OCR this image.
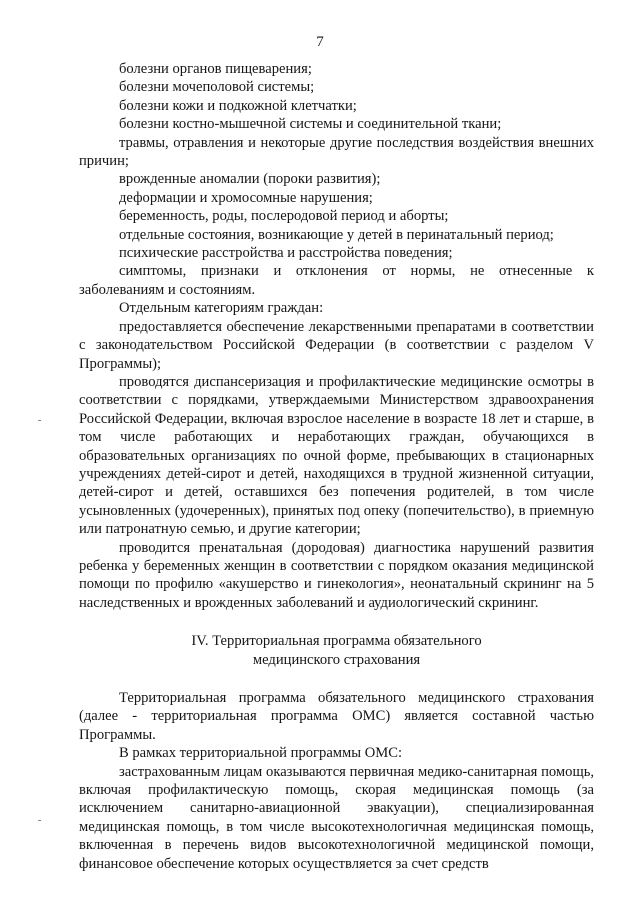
7

болезни органов пищеварения;

болезни мочеполовой системы;

болезни кожи и подкожной клетчатки;

болезни костно-мышечной системы и соединительной ткани;

травмы, отравления и некоторые другие последствия воздействия внешних причин;

врожденные аномалии (пороки развития);

деформации и хромосомные нарушения;

беременность, роды, послеродовой период и аборты;

отдельные состояния, возникающие у детей в перинатальный период;

психические расстройства и расстройства поведения;

симптомы, признаки и отклонения от нормы, не отнесенные к заболеваниям и состояниям.

Отдельным категориям граждан:

предоставляется обеспечение лекарственными препаратами в соответствии с законодательством Российской Федерации (в соответствии с разделом V Программы);

проводятся диспансеризация и профилактические медицинские осмотры в соответствии с порядками, утверждаемыми Министерством здравоохранения Российской Федерации, включая взрослое население в возрасте 18 лет и старше, в том числе работающих и неработающих граждан, обучающихся в образовательных организациях по очной форме, пребывающих в стационарных учреждениях детей-сирот и детей, находящихся в трудной жизненной ситуации, детей-сирот и детей, оставшихся без попечения родителей, в том числе усыновленных (удочеренных), принятых под опеку (попечительство), в приемную или патронатную семью, и другие категории;

проводится пренатальная (дородовая) диагностика нарушений развития ребенка у беременных женщин в соответствии с порядком оказания медицинской помощи по профилю «акушерство и гинекология», неонатальный скрининг на 5 наследственных и врожденных заболеваний и аудиологический скрининг.

IV. Территориальная программа обязательного медицинского страхования

Территориальная программа обязательного медицинского страхования (далее - территориальная программа ОМС) является составной частью Программы.

В рамках территориальной программы ОМС:

застрахованным лицам оказываются первичная медико-санитарная помощь, включая профилактическую помощь, скорая медицинская помощь (за исключением санитарно-авиационной эвакуации), специализированная медицинская помощь, в том числе высокотехнологичная медицинская помощь, включенная в перечень видов высокотехнологичной медицинской помощи, финансовое обеспечение которых осуществляется за счет средств
